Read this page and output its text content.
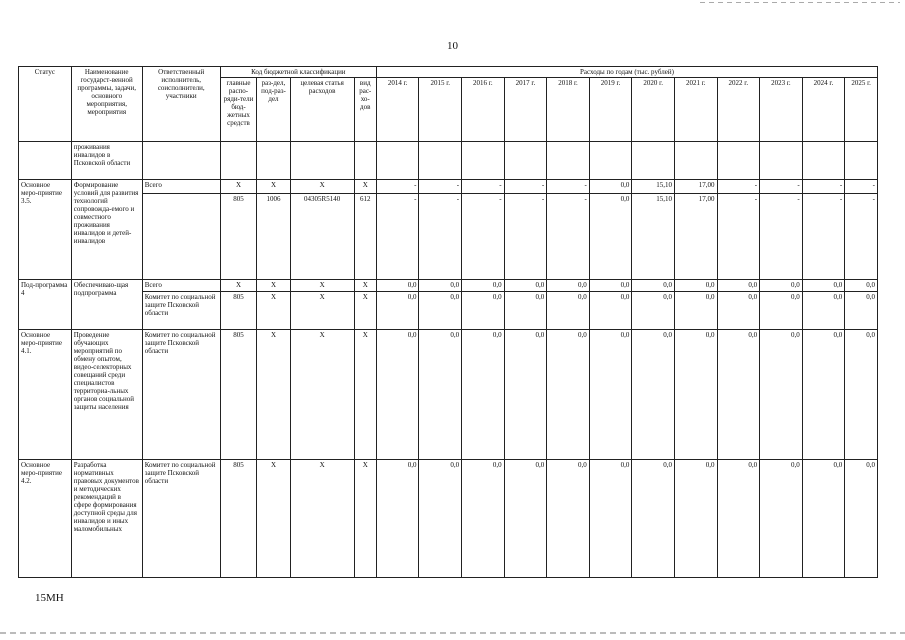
10
Статус	Наименование государст-венной программы, задачи, основного мероприятия, мероприятия	Ответственный исполнитель, соисполнители, участники	Код бюджетной классификации				Расходы по годам (тыс. рублей)											
			главные распо-ряди-тели бюд-жетных средств	раз-дел, под-раз-дел	целевая статья расходов	вид рас-хо-дов	2014 г.	2015 г.	2016 г.	2017 г.	2018 г.	2019 г.	2020 г.	2021 г.	2022 г.	2023 г.	2024 г.	2025 г.
	проживания инвалидов в Псковской области																	
Основное меро-приятие 3.5.	Формирование условий для развития технологий сопровожда-емого и совместного проживания инвалидов и детей-инвалидов	Всего	Х	Х	Х	Х	-	-	-	-	-	0,0	15,10	17,00	-	-	-	-
			805	1006	04305R5140	612	-	-	-	-	-	0,0	15,10	17,00	-	-	-	-
Под-программа 4	Обеспечиваю-щая подпрограмма	Всего	Х	Х	Х	Х	0,0	0,0	0,0	0,0	0,0	0,0	0,0	0,0	0,0	0,0	0,0	0,0
		Комитет по социальной защите Псковской области	805	Х	Х	Х	0,0	0,0	0,0	0,0	0,0	0,0	0,0	0,0	0,0	0,0	0,0	0,0
Основное меро-приятие 4.1.	Проведение обучающих мероприятий по обмену опытом, видео-селекторных совещаний среди специалистов территориа-льных органов социальной защиты населения	Комитет по социальной защите Псковской области	805	Х	Х	Х	0,0	0,0	0,0	0,0	0,0	0,0	0,0	0,0	0,0	0,0	0,0	0,0
Основное меро-приятие 4.2.	Разработка нормативных правовых документов и методических рекомендаций в сфере формирования доступной среды для инвалидов и иных маломобильных	Комитет по социальной защите Псковской области	805	Х	Х	Х	0,0	0,0	0,0	0,0	0,0	0,0	0,0	0,0	0,0	0,0	0,0	0,0
15МН
